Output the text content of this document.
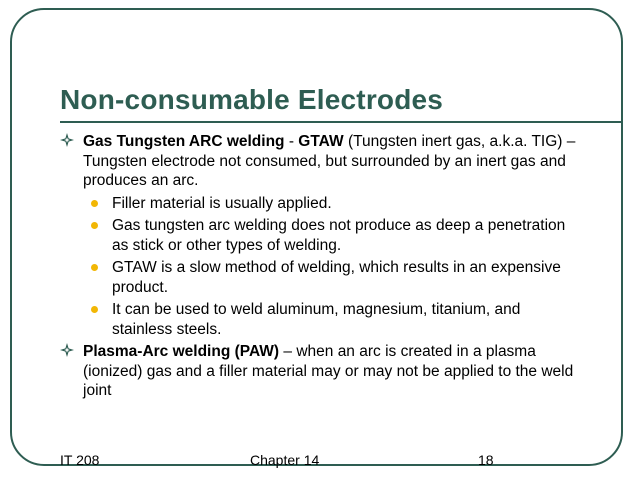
Non-consumable Electrodes
Gas Tungsten ARC welding - GTAW (Tungsten inert gas, a.k.a. TIG) – Tungsten electrode not consumed, but surrounded by an inert gas and produces an arc.
Filler material is usually applied.
Gas tungsten arc welding does not produce as deep a penetration as stick or other types of welding.
GTAW is a slow method of welding, which results in an expensive product.
It can be used to weld aluminum, magnesium, titanium, and stainless steels.
Plasma-Arc welding (PAW) – when an arc is created in a plasma (ionized) gas and a filler material may or may not be applied to the weld joint
IT 208	Chapter 14	18
